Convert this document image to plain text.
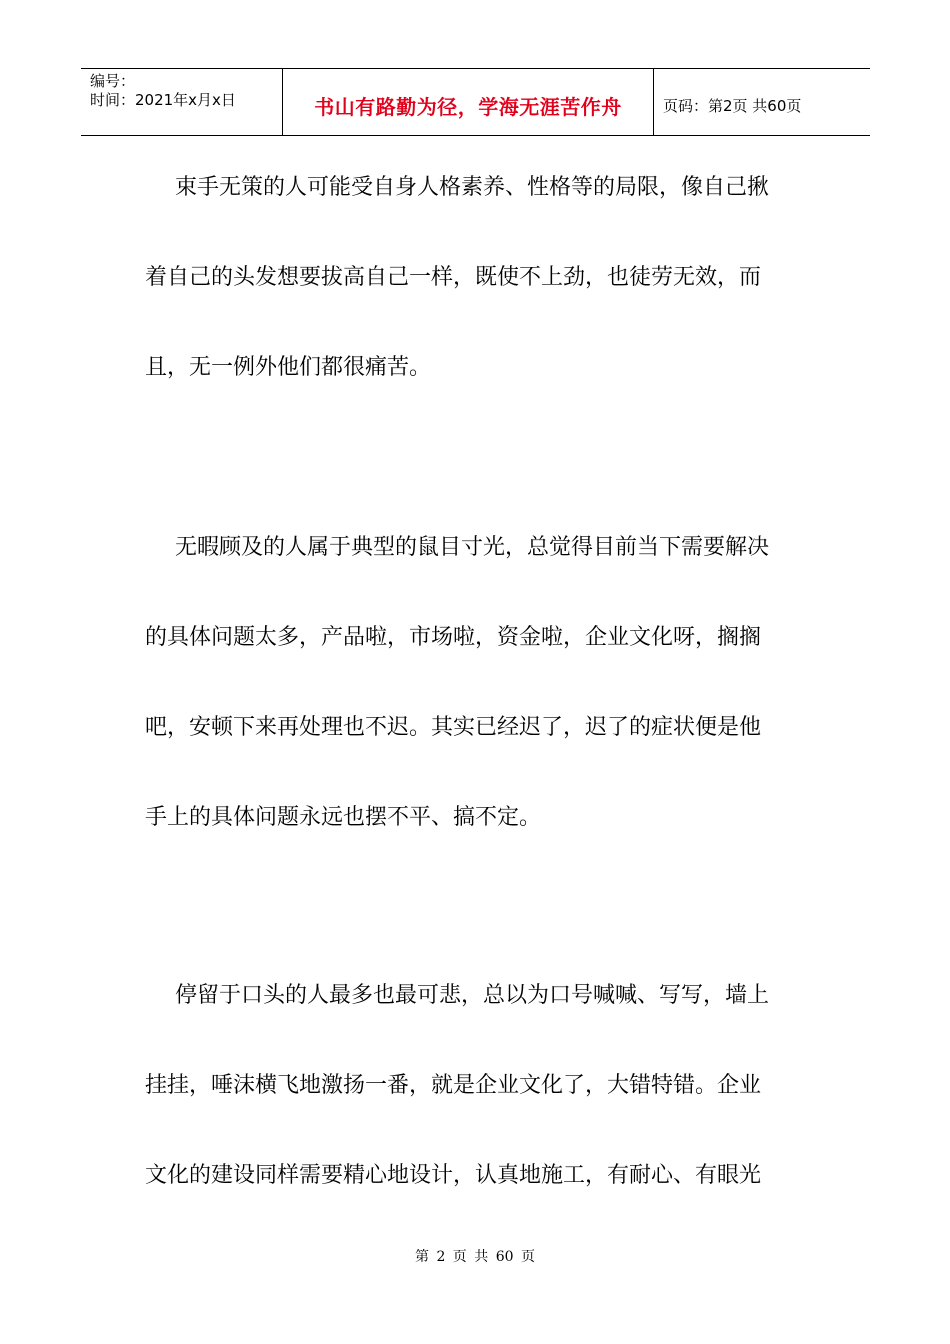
编号：
时间：2021年x月x日	书山有路勤为径，学海无涯苦作舟	页码：第2页 共60页
束手无策的人可能受自身人格素养、性格等的局限，像自己揪
着自己的头发想要拔高自己一样，既使不上劲，也徒劳无效，而
且，无一例外他们都很痛苦。
无暇顾及的人属于典型的鼠目寸光，总觉得目前当下需要解决
的具体问题太多，产品啦，市场啦，资金啦，企业文化呀，搁搁
吧，安顿下来再处理也不迟。其实已经迟了，迟了的症状便是他
手上的具体问题永远也摆不平、搞不定。
停留于口头的人最多也最可悲，总以为口号喊喊、写写，墙上
挂挂，唾沫横飞地激扬一番，就是企业文化了，大错特错。企业
文化的建设同样需要精心地设计，认真地施工，有耐心、有眼光
第 2 页 共 60 页
